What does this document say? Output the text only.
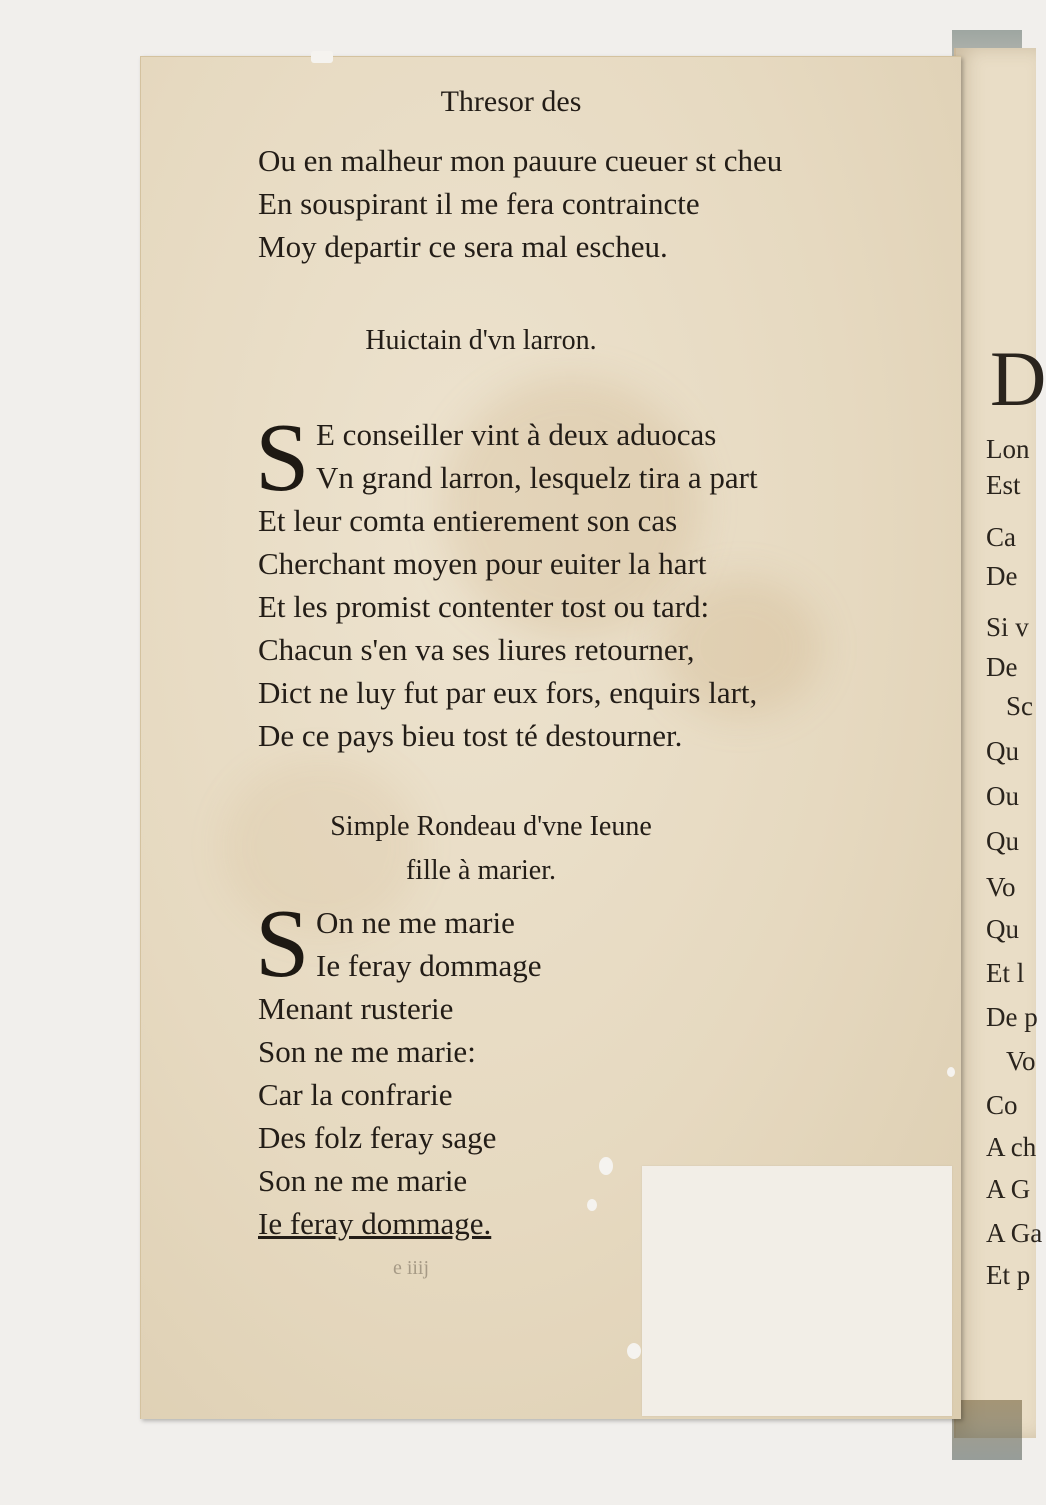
D
Lon
Est
Ca
De
Si v
De
Sc
Qu
Ou
Qu
Vo
Qu
Et l
De p
Vo
Co
A ch
A G
A Ga
Et p
Thresor des
Ou en malheur mon pauure cueuer st cheu
En souspirant il me fera contraincte
Moy departir ce sera mal escheu.
Huictain d'vn larron.
S E conseiller vint à deux aduocas
Vn grand larron, lesquelz tira a part
Et leur comta entierement son cas
Cherchant moyen pour euiter la hart
Et les promist contenter tost ou tard:
Chacun s'en va ses liures retourner,
Dict ne luy fut par eux fors, enquirs lart,
De ce pays bieu tost té destourner.
Simple Rondeau d'vne Ieune
fille à marier.
S On ne me marie
Ie feray dommage
Menant rusterie
Son ne me marie:
Car la confrarie
Des folz feray sage
Son ne me marie
Ie feray dommage.
e iiij
